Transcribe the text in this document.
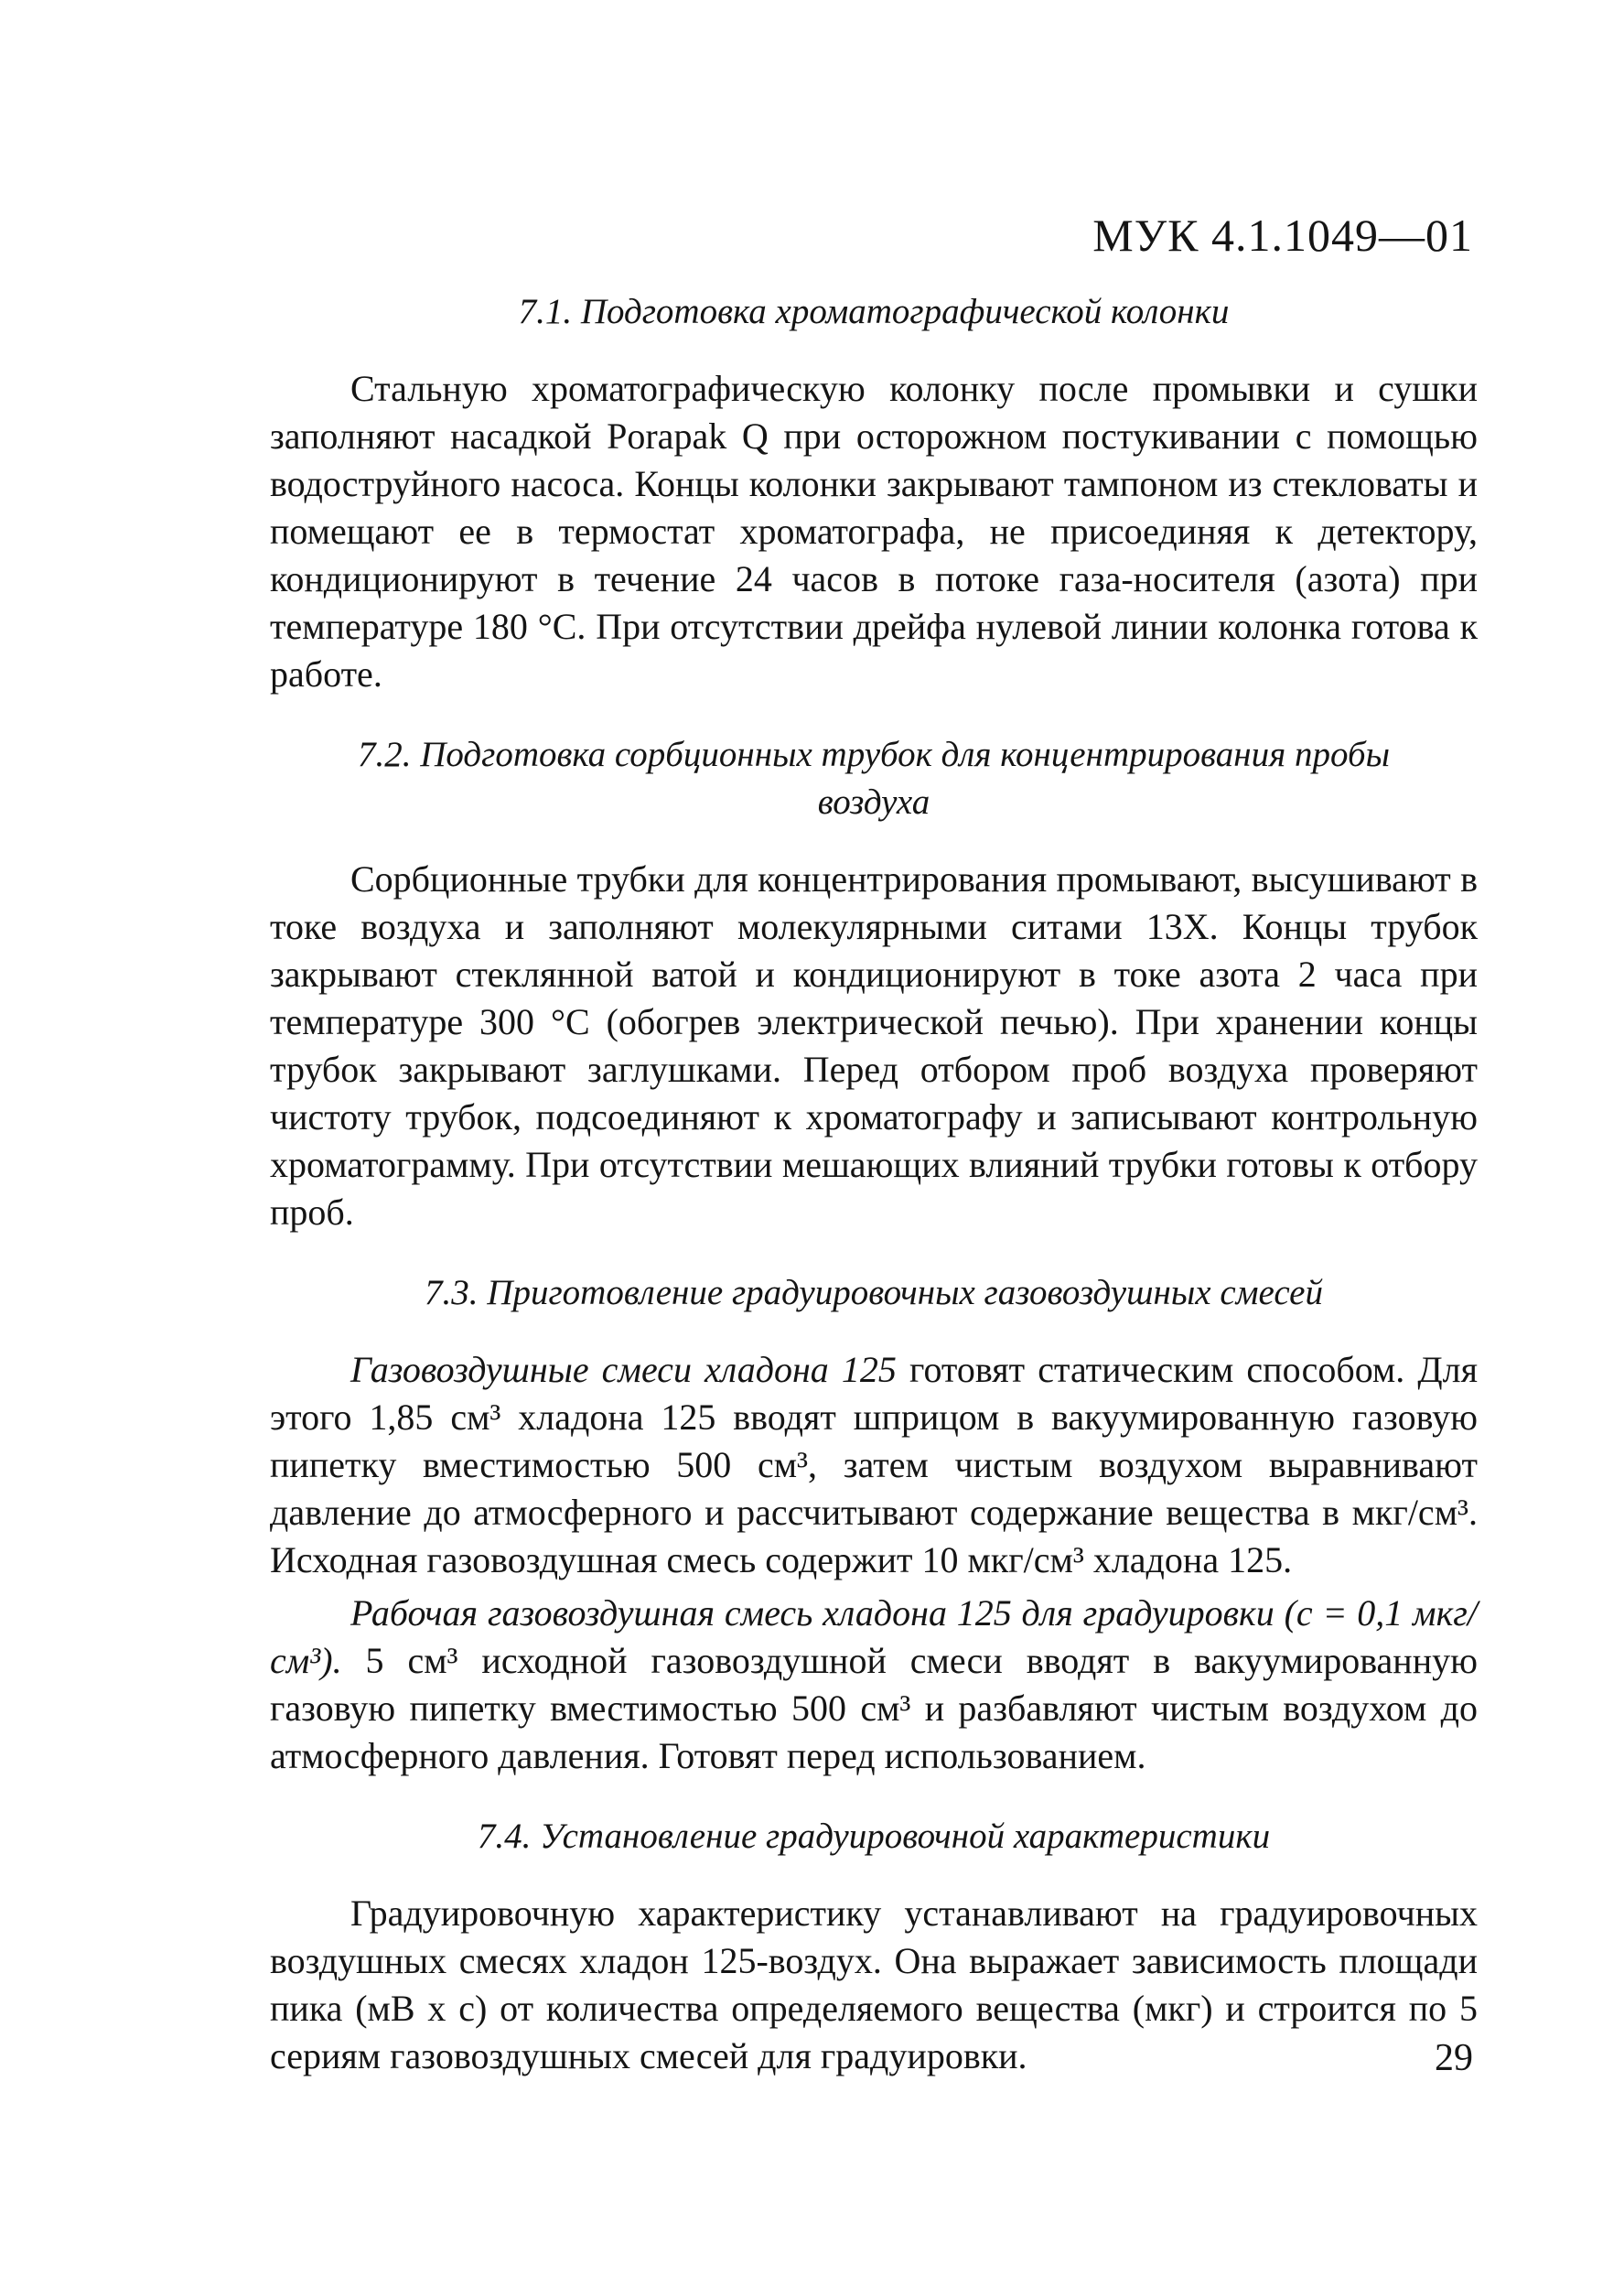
МУК 4.1.1049—01
7.1. Подготовка хроматографической колонки

Стальную хроматографическую колонку после промывки и сушки заполняют насадкой Porapak Q при осторожном постукивании с помощью водоструйного насоса. Концы колонки закрывают тампоном из стекловаты и помещают ее в термостат хроматографа, не присоединяя к детектору, кондиционируют в течение 24 часов в потоке газа-носителя (азота) при температуре 180 °С. При отсутствии дрейфа нулевой линии колонка готова к работе.

7.2. Подготовка сорбционных трубок для концентрирования пробы воздуха

Сорбционные трубки для концентрирования промывают, высушивают в токе воздуха и заполняют молекулярными ситами 13Х. Концы трубок закрывают стеклянной ватой и кондиционируют в токе азота 2 часа при температуре 300 °С (обогрев электрической печью). При хранении концы трубок закрывают заглушками. Перед отбором проб воздуха проверяют чистоту трубок, подсоединяют к хроматографу и записывают контрольную хроматограмму. При отсутствии мешающих влияний трубки готовы к отбору проб.

7.3. Приготовление градуировочных газовоздушных смесей

Газовоздушные смеси хладона 125 готовят статическим способом. Для этого 1,85 см³ хладона 125 вводят шприцом в вакуумированную газовую пипетку вместимостью 500 см³, затем чистым воздухом выравнивают давление до атмосферного и рассчитывают содержание вещества в мкг/см³. Исходная газовоздушная смесь содержит 10 мкг/см³ хладона 125.

Рабочая газовоздушная смесь хладона 125 для градуировки (с = 0,1 мкг/см³). 5 см³ исходной газовоздушной смеси вводят в вакуумированную газовую пипетку вместимостью 500 см³ и разбавляют чистым воздухом до атмосферного давления. Готовят перед использованием.

7.4. Установление градуировочной характеристики

Градуировочную характеристику устанавливают на градуировочных воздушных смесях хладон 125-воздух. Она выражает зависимость площади пика (мВ х с) от количества определяемого вещества (мкг) и строится по 5 сериям газовоздушных смесей для градуировки.	29
